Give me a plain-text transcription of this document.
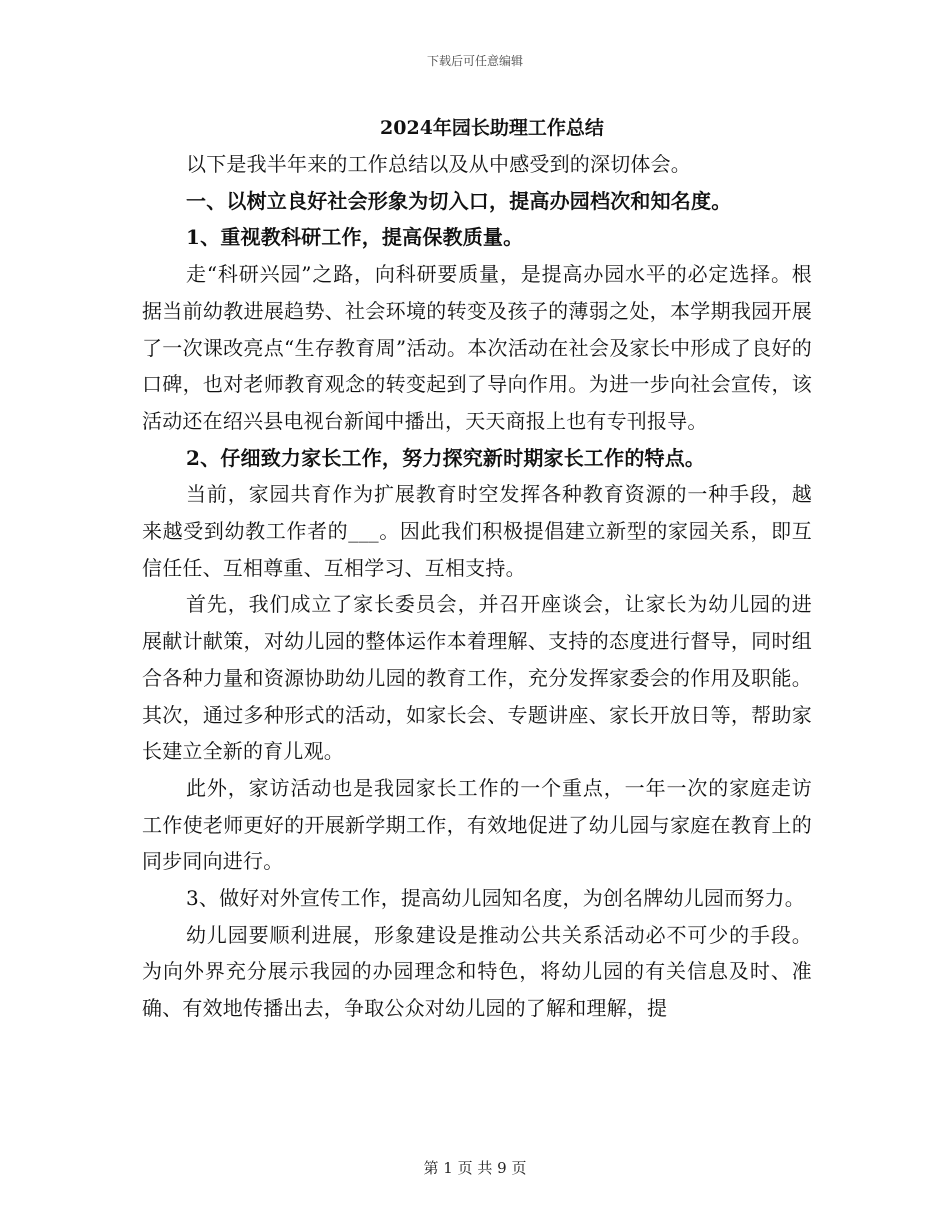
下载后可任意编辑
2024年园长助理工作总结

以下是我半年来的工作总结以及从中感受到的深切体会。

一、以树立良好社会形象为切入口，提高办园档次和知名度。

1、重视教科研工作，提高保教质量。

走“科研兴园”之路，向科研要质量，是提高办园水平的必定选择。根据当前幼教进展趋势、社会环境的转变及孩子的薄弱之处，本学期我园开展了一次课改亮点“生存教育周”活动。本次活动在社会及家长中形成了良好的口碑，也对老师教育观念的转变起到了导向作用。为进一步向社会宣传，该活动还在绍兴县电视台新闻中播出，天天商报上也有专刊报导。

2、仔细致力家长工作，努力探究新时期家长工作的特点。

当前，家园共育作为扩展教育时空发挥各种教育资源的一种手段，越来越受到幼教工作者的___。因此我们积极提倡建立新型的家园关系，即互信任任、互相尊重、互相学习、互相支持。

首先，我们成立了家长委员会，并召开座谈会，让家长为幼儿园的进展献计献策，对幼儿园的整体运作本着理解、支持的态度进行督导，同时组合各种力量和资源协助幼儿园的教育工作，充分发挥家委会的作用及职能。其次，通过多种形式的活动，如家长会、专题讲座、家长开放日等，帮助家长建立全新的育儿观。

此外，家访活动也是我园家长工作的一个重点，一年一次的家庭走访工作使老师更好的开展新学期工作，有效地促进了幼儿园与家庭在教育上的同步同向进行。

3、做好对外宣传工作，提高幼儿园知名度，为创名牌幼儿园而努力。

幼儿园要顺利进展，形象建设是推动公共关系活动必不可少的手段。为向外界充分展示我园的办园理念和特色，将幼儿园的有关信息及时、准确、有效地传播出去，争取公众对幼儿园的了解和理解，提

第 1 页 共 9 页
